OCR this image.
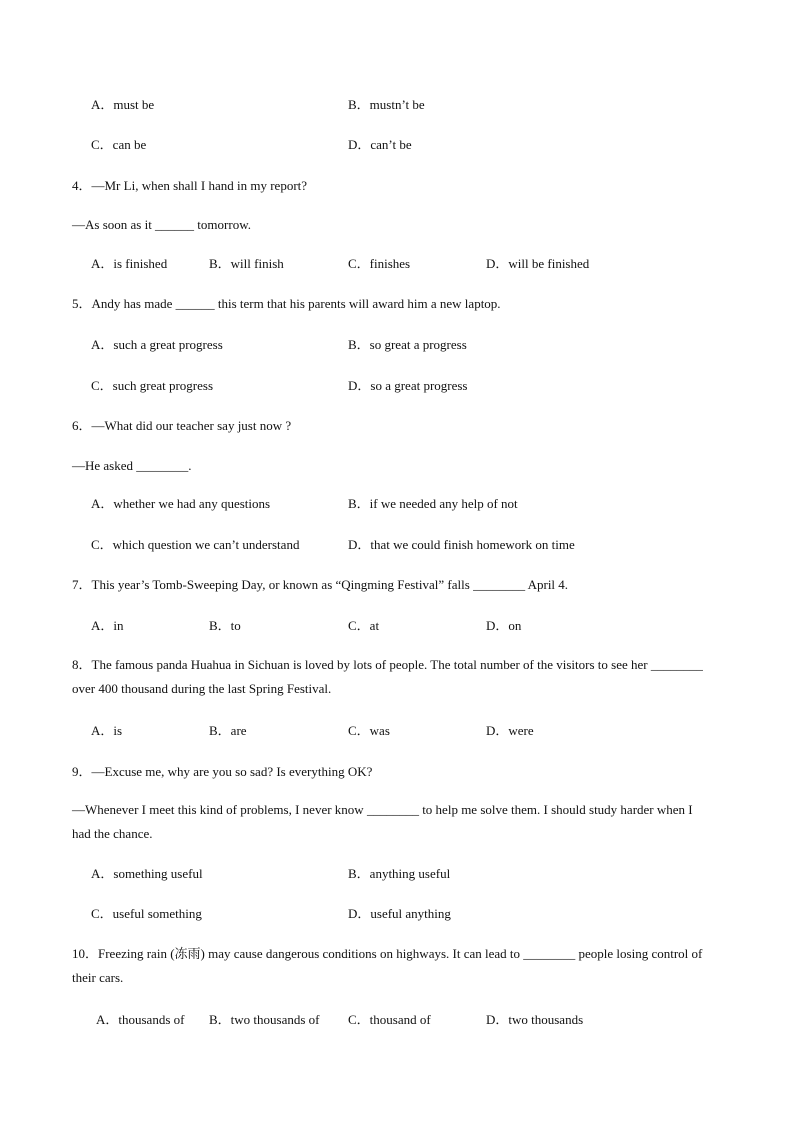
A．must be	B．mustn’t be
C．can be	D．can’t be
4．—Mr Li, when shall I hand in my report?
—As soon as it ______ tomorrow.
A．is finished	B．will finish	C．finishes	D．will be finished
5．Andy has made ______ this term that his parents will award him a new laptop.
A．such a great progress	B．so great a progress
C．such great progress	D．so a great progress
6．—What did our teacher say just now ?
—He asked ________.
A．whether we had any questions	B．if we needed any help of not
C．which question we can’t understand	D．that we could finish homework on time
7．This year’s Tomb-Sweeping Day, or known as “Qingming Festival” falls ________ April 4.
A．in	B．to	C．at	D．on
8．The famous panda Huahua in Sichuan is loved by lots of people. The total number of the visitors to see her ________ over 400 thousand during the last Spring Festival.
A．is	B．are	C．was	D．were
9．—Excuse me, why are you so sad? Is everything OK?
—Whenever I meet this kind of problems, I never know ________ to help me solve them. I should study harder when I had the chance.
A．something useful	B．anything useful
C．useful something	D．useful anything
10．Freezing rain (冻雨) may cause dangerous conditions on highways. It can lead to ________ people losing control of their cars.
A．thousands of B．two thousands of C．thousand of	D．two thousands
